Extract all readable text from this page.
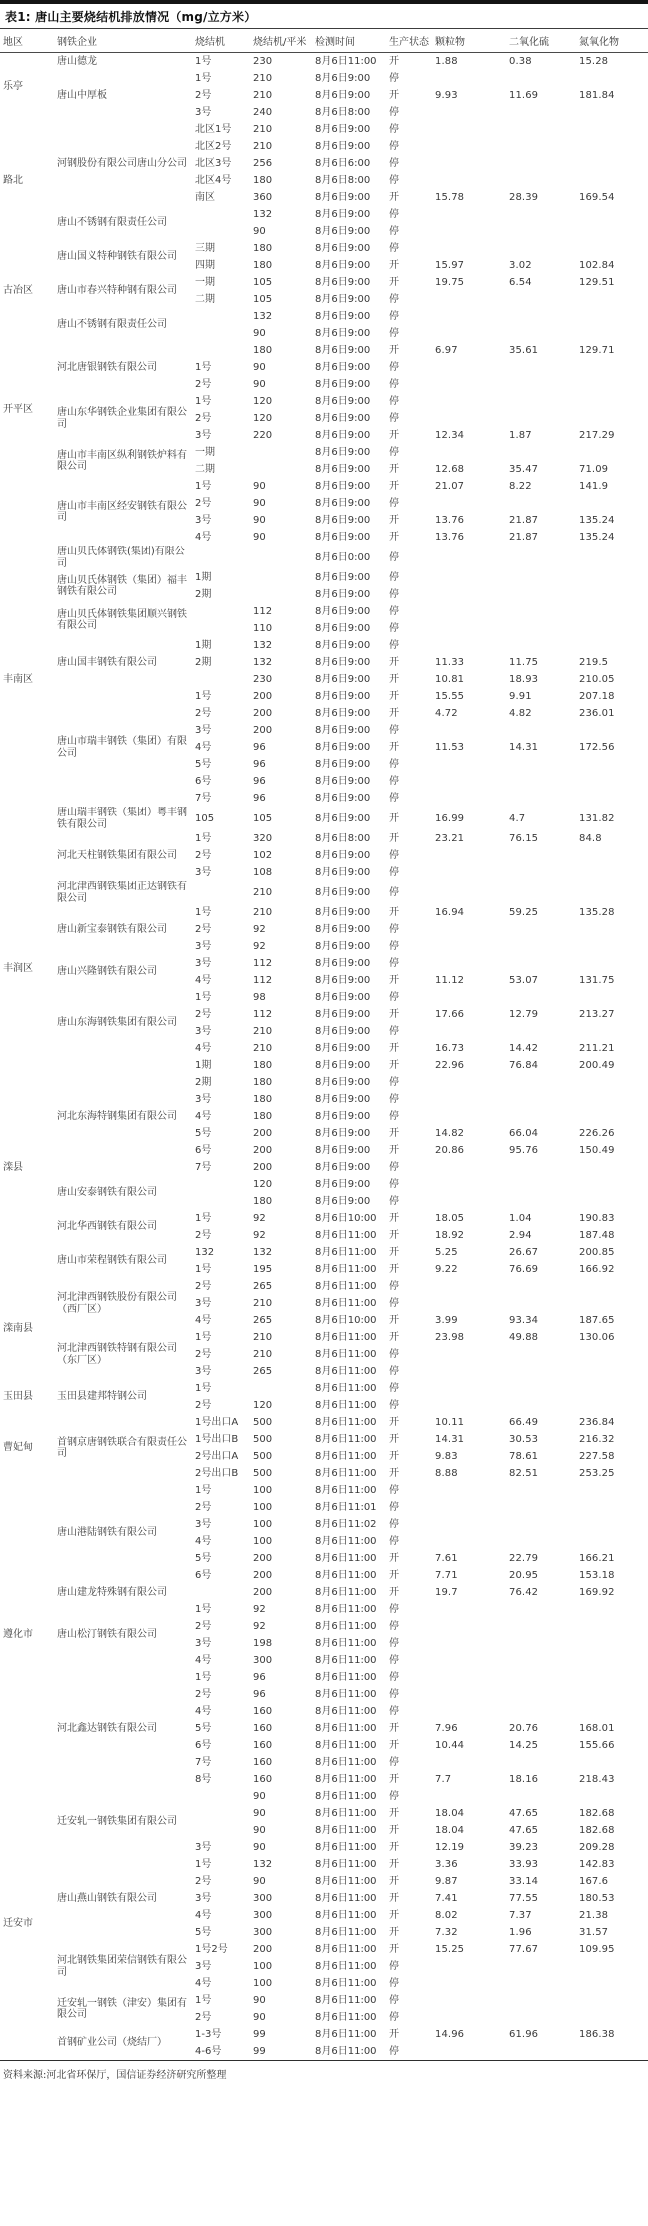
表1: 唐山主要烧结机排放情况（mg/立方米）
地区	钢铁企业	烧结机	烧结机/平米	检测时间	生产状态	颗粒物	二氧化硫	氮氧化物
乐亭	唐山德龙	1号	230	8月6日11:00	开	1.88	0.38	15.28
	唐山中厚板	1号	210	8月6日9:00	停			
		2号	210	8月6日9:00	开	9.93	11.69	181.84
		3号	240	8月6日8:00	停			
路北	河钢股份有限公司唐山分公司	北区1号	210	8月6日9:00	停			
		北区2号	210	8月6日9:00	停			
		北区3号	256	8月6日6:00	停			
		北区4号	180	8月6日8:00	停			
		南区	360	8月6日9:00	开	15.78	28.39	169.54
	唐山不锈钢有限责任公司		132	8月6日9:00	停			
			90	8月6日9:00	停			
古冶区	唐山国义特种钢铁有限公司	三期	180	8月6日9:00	停			
		四期	180	8月6日9:00	开	15.97	3.02	102.84
	唐山市春兴特种钢有限公司	一期	105	8月6日9:00	开	19.75	6.54	129.51
		二期	105	8月6日9:00	停			
	唐山不锈钢有限责任公司		132	8月6日9:00	停			
			90	8月6日9:00	停			
开平区	河北唐银钢铁有限公司		180	8月6日9:00	开	6.97	35.61	129.71
		1号	90	8月6日9:00	停			
		2号	90	8月6日9:00	停			
	唐山东华钢铁企业集团有限公司	1号	120	8月6日9:00	停			
		2号	120	8月6日9:00	停			
		3号	220	8月6日9:00	开	12.34	1.87	217.29
	唐山市丰南区纵利钢铁炉料有限公司	一期		8月6日9:00	停			
		二期		8月6日9:00	开	12.68	35.47	71.09
丰南区	唐山市丰南区经安钢铁有限公司	1号	90	8月6日9:00	开	21.07	8.22	141.9
		2号	90	8月6日9:00	停			
		3号	90	8月6日9:00	开	13.76	21.87	135.24
		4号	90	8月6日9:00	开	13.76	21.87	135.24
	唐山贝氏体钢铁(集团)有限公司			8月6日0:00	停			
	唐山贝氏体钢铁（集团）福丰钢铁有限公司	1期		8月6日9:00	停			
		2期		8月6日9:00	停			
	唐山贝氏体钢铁集团顺兴钢铁有限公司		112	8月6日9:00	停			
			110	8月6日9:00	停			
	唐山国丰钢铁有限公司	1期	132	8月6日9:00	停			
		2期	132	8月6日9:00	开	11.33	11.75	219.5
			230	8月6日9:00	开	10.81	18.93	210.05
	唐山市瑞丰钢铁（集团）有限公司	1号	200	8月6日9:00	开	15.55	9.91	207.18
		2号	200	8月6日9:00	开	4.72	4.82	236.01
		3号	200	8月6日9:00	停			
		4号	96	8月6日9:00	开	11.53	14.31	172.56
		5号	96	8月6日9:00	停			
		6号	96	8月6日9:00	停			
		7号	96	8月6日9:00	停			
	唐山瑞丰钢铁（集团）粤丰钢铁有限公司	105	105	8月6日9:00	开	16.99	4.7	131.82
	河北天柱钢铁集团有限公司	1号	320	8月6日8:00	开	23.21	76.15	84.8
		2号	102	8月6日9:00	停			
		3号	108	8月6日9:00	停			
丰润区	河北津西钢铁集团正达钢铁有限公司		210	8月6日9:00	停			
	唐山新宝泰钢铁有限公司	1号	210	8月6日9:00	开	16.94	59.25	135.28
		2号	92	8月6日9:00	停			
		3号	92	8月6日9:00	停			
	唐山兴隆钢铁有限公司	3号	112	8月6日9:00	停			
		4号	112	8月6日9:00	开	11.12	53.07	131.75
	唐山东海钢铁集团有限公司	1号	98	8月6日9:00	停			
		2号	112	8月6日9:00	开	17.66	12.79	213.27
		3号	210	8月6日9:00	停			
		4号	210	8月6日9:00	开	16.73	14.42	211.21
滦县	河北东海特钢集团有限公司	1期	180	8月6日9:00	开	22.96	76.84	200.49
		2期	180	8月6日9:00	停			
		3号	180	8月6日9:00	停			
		4号	180	8月6日9:00	停			
		5号	200	8月6日9:00	开	14.82	66.04	226.26
		6号	200	8月6日9:00	开	20.86	95.76	150.49
		7号	200	8月6日9:00	停			
	唐山安泰钢铁有限公司		120	8月6日9:00	停			
			180	8月6日9:00	停			
	河北华西钢铁有限公司	1号	92	8月6日10:00	开	18.05	1.04	190.83
		2号	92	8月6日11:00	开	18.92	2.94	187.48
	唐山市荣程钢铁有限公司	132	132	8月6日11:00	开	5.25	26.67	200.85
		1号	195	8月6日11:00	开	9.22	76.69	166.92
滦南县	河北津西钢铁股份有限公司（西厂区）	2号	265	8月6日11:00	停			
		3号	210	8月6日11:00	停			
		4号	265	8月6日10:00	开	3.99	93.34	187.65
	河北津西钢铁特钢有限公司（东厂区）	1号	210	8月6日11:00	开	23.98	49.88	130.06
		2号	210	8月6日11:00	停			
		3号	265	8月6日11:00	停			
玉田县	玉田县建邦特钢公司	1号		8月6日11:00	停			
		2号	120	8月6日11:00	停			
曹妃甸	首钢京唐钢铁联合有限责任公司	1号出口A	500	8月6日11:00	开	10.11	66.49	236.84
		1号出口B	500	8月6日11:00	开	14.31	30.53	216.32
		2号出口A	500	8月6日11:00	开	9.83	78.61	227.58
		2号出口B	500	8月6日11:00	开	8.88	82.51	253.25
遵化市	唐山港陆钢铁有限公司	1号	100	8月6日11:00	停			
		2号	100	8月6日11:01	停			
		3号	100	8月6日11:02	停			
		4号	100	8月6日11:00	停			
		5号	200	8月6日11:00	开	7.61	22.79	166.21
		6号	200	8月6日11:00	开	7.71	20.95	153.18
	唐山建龙特殊钢有限公司		200	8月6日11:00	开	19.7	76.42	169.92
	唐山松汀钢铁有限公司	1号	92	8月6日11:00	停			
		2号	92	8月6日11:00	停			
		3号	198	8月6日11:00	停			
		4号	300	8月6日11:00	停			
	河北鑫达钢铁有限公司	1号	96	8月6日11:00	停			
		2号	96	8月6日11:00	停			
		4号	160	8月6日11:00	停			
		5号	160	8月6日11:00	开	7.96	20.76	168.01
		6号	160	8月6日11:00	开	10.44	14.25	155.66
		7号	160	8月6日11:00	停			
		8号	160	8月6日11:00	开	7.7	18.16	218.43
迁安市	迁安轧一钢铁集团有限公司		90	8月6日11:00	停			
			90	8月6日11:00	开	18.04	47.65	182.68
			90	8月6日11:00	开	18.04	47.65	182.68
		3号	90	8月6日11:00	开	12.19	39.23	209.28
	唐山燕山钢铁有限公司	1号	132	8月6日11:00	开	3.36	33.93	142.83
		2号	90	8月6日11:00	开	9.87	33.14	167.6
		3号	300	8月6日11:00	开	7.41	77.55	180.53
		4号	300	8月6日11:00	开	8.02	7.37	21.38
		5号	300	8月6日11:00	开	7.32	1.96	31.57
	河北钢铁集团荣信钢铁有限公司	1号2号	200	8月6日11:00	开	15.25	77.67	109.95
		3号	100	8月6日11:00	停			
		4号	100	8月6日11:00	停			
	迁安轧一钢铁（津安）集团有限公司	1号	90	8月6日11:00	停			
		2号	90	8月6日11:00	停			
	首钢矿业公司（烧结厂）	1-3号	99	8月6日11:00	开	14.96	61.96	186.38
		4-6号	99	8月6日11:00	停			
资料来源:河北省环保厅，国信证券经济研究所整理
